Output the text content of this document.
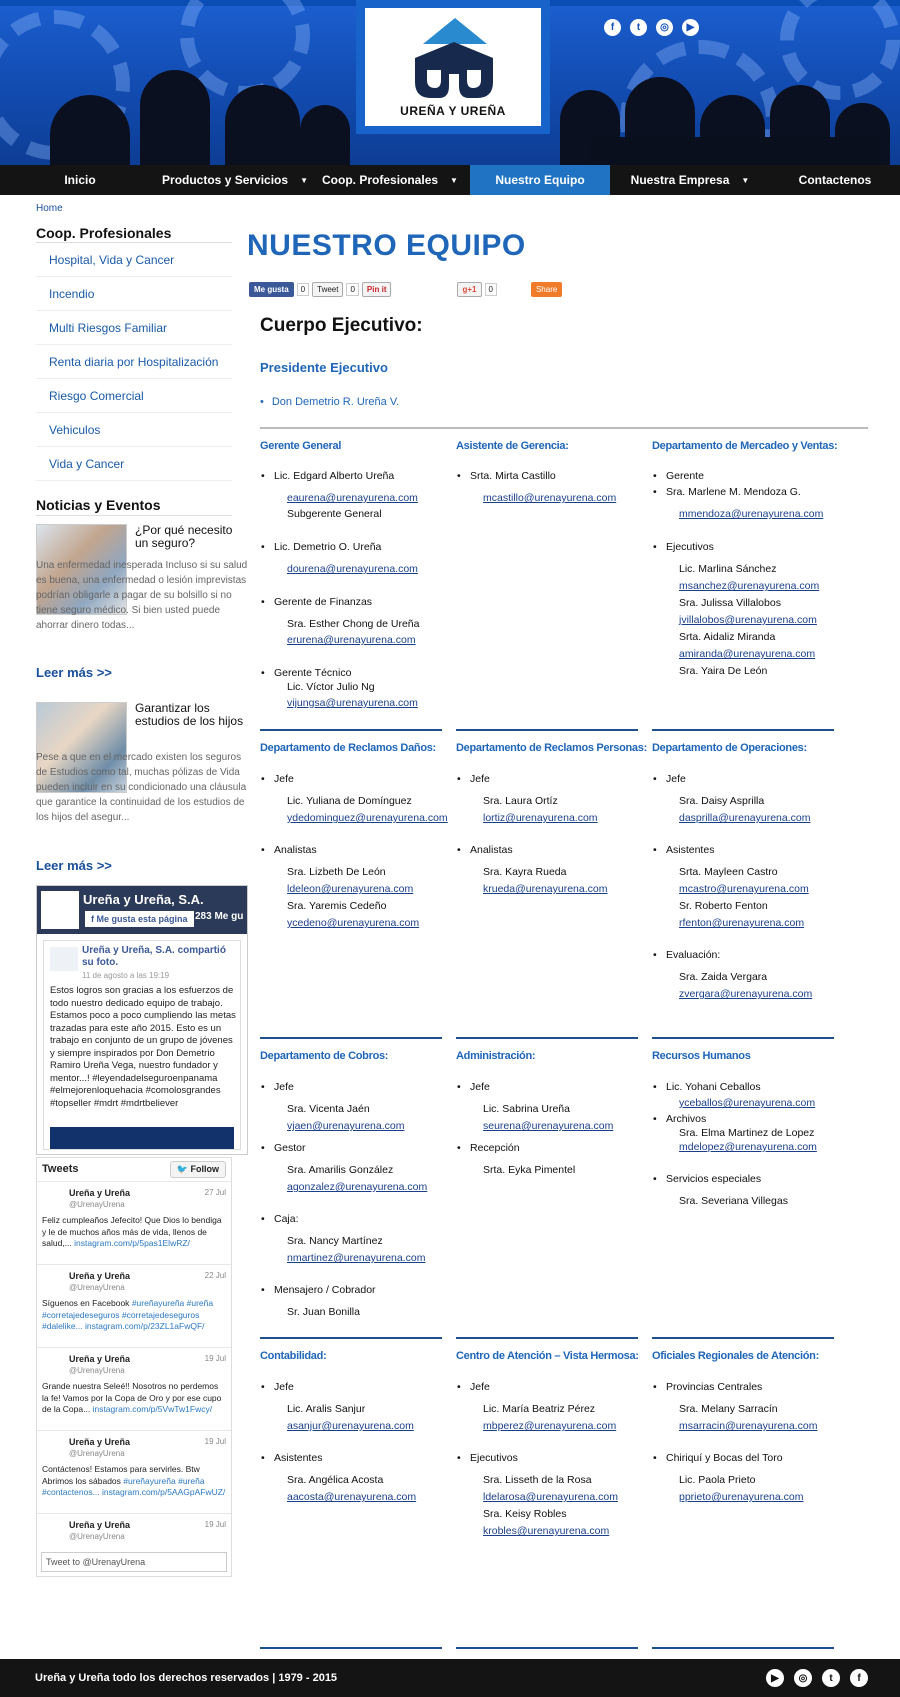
UREÑA Y UREÑA
f	t	◎	▶
Inicio	Productos y Servicios ▼ Coop. Profesionales ▼	Nuestro Equipo	Nuestra Empresa ▼	Contactenos
Home
Coop. Profesionales
Hospital, Vida y Cancer
Incendio
Multi Riesgos Familiar
Renta diaria por Hospitalización
Riesgo Comercial
Vehiculos
Vida y Cancer
Noticias y Eventos
¿Por qué necesito un seguro?
Una enfermedad inesperada Incluso si su salud es buena, una enfermedad o lesión imprevistas podrían obligarle a pagar de su bolsillo si no tiene seguro médico. Si bien usted puede ahorrar dinero todas...
Leer más >>
Garantizar los estudios de los hijos
Pese a que en el mercado existen los seguros de Estudios como tal, muchas pólizas de Vida pueden incluir en su condicionado una cláusula que garantice la continuidad de los estudios de los hijos del asegur...
Leer más >>
Ureña y Ureña, S.A.
f Me gusta esta página 283 Me gu
Ureña y Ureña, S.A. compartió su foto.
11 de agosto a las 19:19
Estos logros son gracias a los esfuerzos de todo nuestro dedicado equipo de trabajo. Estamos poco a poco cumpliendo las metas trazadas para este año 2015. Esto es un trabajo en conjunto de un grupo de jóvenes y siempre inspirados por Don Demetrio Ramiro Ureña Vega, nuestro fundador y mentor...! #leyendadelseguroenpanama #elmejorenloquehacia #comolosgrandes #topseller #mdrt #mdrtbeliever
Tweets	🐦 Follow
Ureña y Ureña
@UrenayUrena
27 Jul
Feliz cumpleaños Jefecito! Que Dios lo bendiga y le de muchos años más de vida, llenos de salud,... instagram.com/p/5pas1ElwRZ/
Ureña y Ureña
@UrenayUrena
22 Jul
Síguenos en Facebook #ureñayureña #ureña #corretajedeseguros #corretajedeseguros #dalelike... instagram.com/p/23ZL1aFwQF/
Ureña y Ureña
@UrenayUrena
19 Jul
Grande nuestra Seleé!! Nosotros no perdemos la fe! Vamos por la Copa de Oro y por ese cupo de la Copa... instagram.com/p/5VwTw1Fwcy/
Ureña y Ureña
@UrenayUrena
19 Jul
Contáctenos! Estamos para servirles. Btw Abrimos los sábados #ureñayureña #ureña #contactenos... instagram.com/p/5AAGpAFwUZ/
Ureña y Ureña
@UrenayUrena
19 Jul
Tweet to @UrenayUrena
NUESTRO EQUIPO
Me gusta	0	Tweet	0	Pin it	g+1	0	Share
Cuerpo Ejecutivo:
Presidente Ejecutivo
• Don Demetrio R. Ureña V.
Gerente General
• Lic. Edgard Alberto Ureña
eaurena@urenayurena.com
Subgerente General
• Lic. Demetrio O. Ureña
dourena@urenayurena.com
• Gerente de Finanzas
Sra. Esther Chong de Ureña
erurena@urenayurena.com
• Gerente Técnico
Lic. Víctor Julio Ng
vijungsa@urenayurena.com
Asistente de Gerencia:
• Srta. Mirta Castillo
mcastillo@urenayurena.com
Departamento de Mercadeo y Ventas:
• Gerente
• Sra. Marlene M. Mendoza G.
mmendoza@urenayurena.com
• Ejecutivos
Lic. Marlina Sánchez
msanchez@urenayurena.com
Sra. Julissa Villalobos
jvillalobos@urenayurena.com
Srta. Aidaliz Miranda
amiranda@urenayurena.com
Sra. Yaira De León
Departamento de Reclamos Daños:
• Jefe
Lic. Yuliana de Domínguez
ydedominguez@urenayurena.com
• Analistas
Sra. Lizbeth De León
ldeleon@urenayurena.com
Sra. Yaremis Cedeño
ycedeno@urenayurena.com
Departamento de Reclamos Personas:
• Jefe
Sra. Laura Ortíz
lortiz@urenayurena.com
• Analistas
Sra. Kayra Rueda
krueda@urenayurena.com
Departamento de Operaciones:
• Jefe
Sra. Daisy Asprilla
dasprilla@urenayurena.com
• Asistentes
Srta. Mayleen Castro
mcastro@urenayurena.com
Sr. Roberto Fenton
rfenton@urenayurena.com
• Evaluación:
Sra. Zaida Vergara
zvergara@urenayurena.com
Departamento de Cobros:
• Jefe
Sra. Vicenta Jaén
vjaen@urenayurena.com
• Gestor
Sra. Amarilis González
agonzalez@urenayurena.com
• Caja:
Sra. Nancy Martínez
nmartinez@urenayurena.com
• Mensajero / Cobrador
Sr. Juan Bonilla
Administración:
• Jefe
Lic. Sabrina Ureña
seurena@urenayurena.com
• Recepción
Srta. Eyka Pimentel
Recursos Humanos
• Lic. Yohani Ceballos
yceballos@urenayurena.com
• Archivos
Sra. Elma Martinez de Lopez
mdelopez@urenayurena.com
• Servicios especiales
Sra. Severiana Villegas
Contabilidad:
• Jefe
Lic. Aralis Sanjur
asanjur@urenayurena.com
• Asistentes
Sra. Angélica Acosta
aacosta@urenayurena.com
Centro de Atención – Vista Hermosa:
• Jefe
Lic. María Beatriz Pérez
mbperez@urenayurena.com
• Ejecutivos
Sra. Lisseth de la Rosa
ldelarosa@urenayurena.com
Sra. Keisy Robles
krobles@urenayurena.com
Oficiales Regionales de Atención:
• Provincias Centrales
Sra. Melany Sarracín
msarracin@urenayurena.com
• Chiriquí y Bocas del Toro
Lic. Paola Prieto
pprieto@urenayurena.com
Ureña y Ureña todo los derechos reservados | 1979 - 2015	▶	◎	t	f
